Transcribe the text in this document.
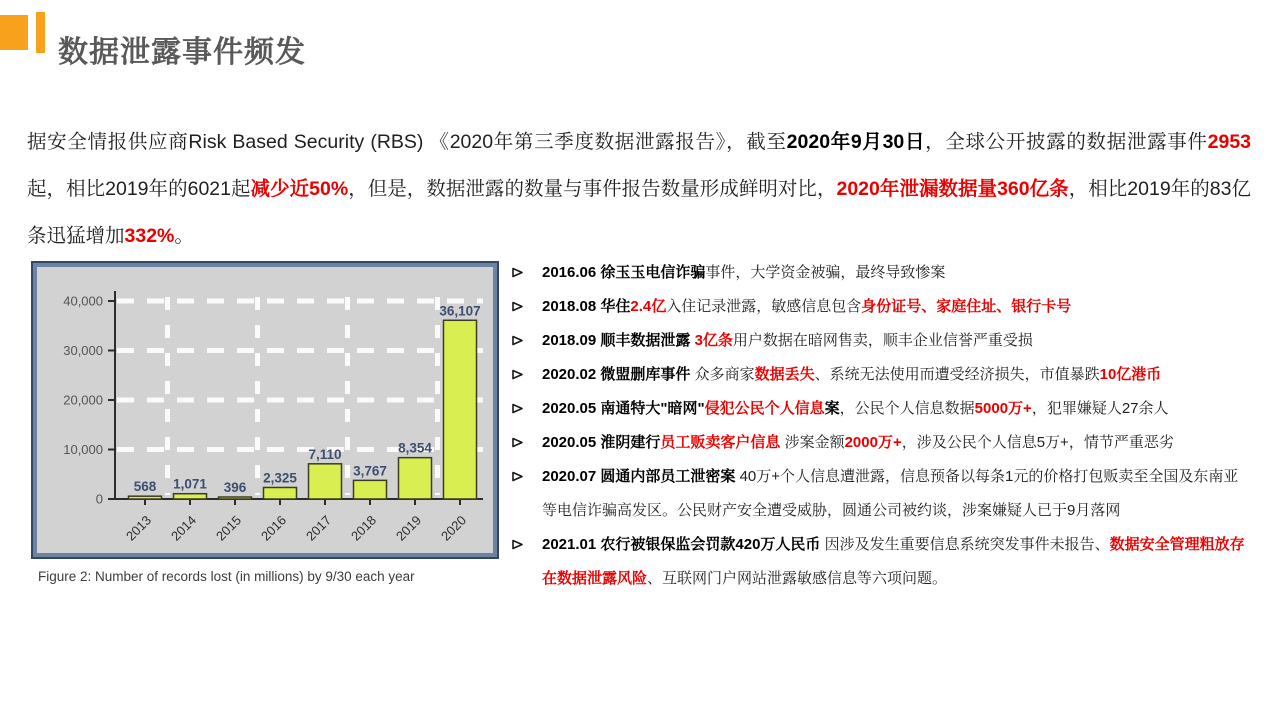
数据泄露事件频发

据安全情报供应商Risk Based Security (RBS) 《2020年第三季度数据泄露报告》，截至2020年9月30日，全球公开披露的数据泄露事件2953起，相比2019年的6021起减少近50%，但是，数据泄露的数量与事件报告数量形成鲜明对比，2020年泄漏数据量360亿条，相比2019年的83亿条迅猛增加332%。

0
10,000
20,000
30,000
40,000
568
2013
1,071
2014
396
2015
2,325
2016
7,110
2017
3,767
2018
8,354
2019
36,107
2020
Figure 2: Number of records lost (in millions) by 9/30 each year
2016.06 徐玉玉电信诈骗事件，大学资金被骗，最终导致惨案
2018.08 华住2.4亿入住记录泄露，敏感信息包含身份证号、家庭住址、银行卡号
2018.09 顺丰数据泄露 3亿条用户数据在暗网售卖，顺丰企业信誉严重受损
2020.02 微盟删库事件 众多商家数据丢失、系统无法使用而遭受经济损失，市值暴跌10亿港币
2020.05 南通特大"暗网"侵犯公民个人信息案，公民个人信息数据5000万+，犯罪嫌疑人27余人
2020.05 淮阴建行员工贩卖客户信息 涉案金额2000万+，涉及公民个人信息5万+，情节严重恶劣
2020.07 圆通内部员工泄密案 40万+个人信息遭泄露，信息预备以每条1元的价格打包贩卖至全国及东南亚等电信诈骗高发区。公民财产安全遭受威胁，圆通公司被约谈，涉案嫌疑人已于9月落网
2021.01 农行被银保监会罚款420万人民币 因涉及发生重要信息系统突发事件未报告、数据安全管理粗放存在数据泄露风险、互联网门户网站泄露敏感信息等六项问题。
